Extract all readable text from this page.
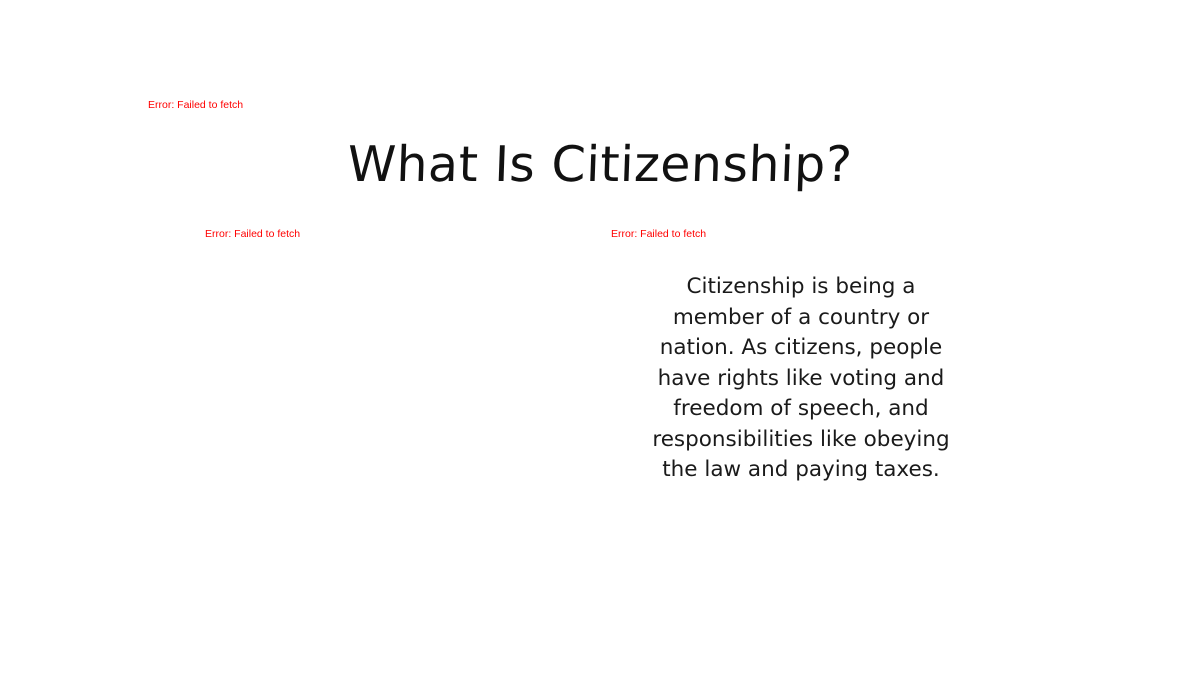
Error: Failed to fetch
What Is Citizenship?
Error: Failed to fetch	Error: Failed to fetch
Citizenship is being a member of a country or nation. As citizens, people have rights like voting and freedom of speech, and responsibilities like obeying the law and paying taxes.
